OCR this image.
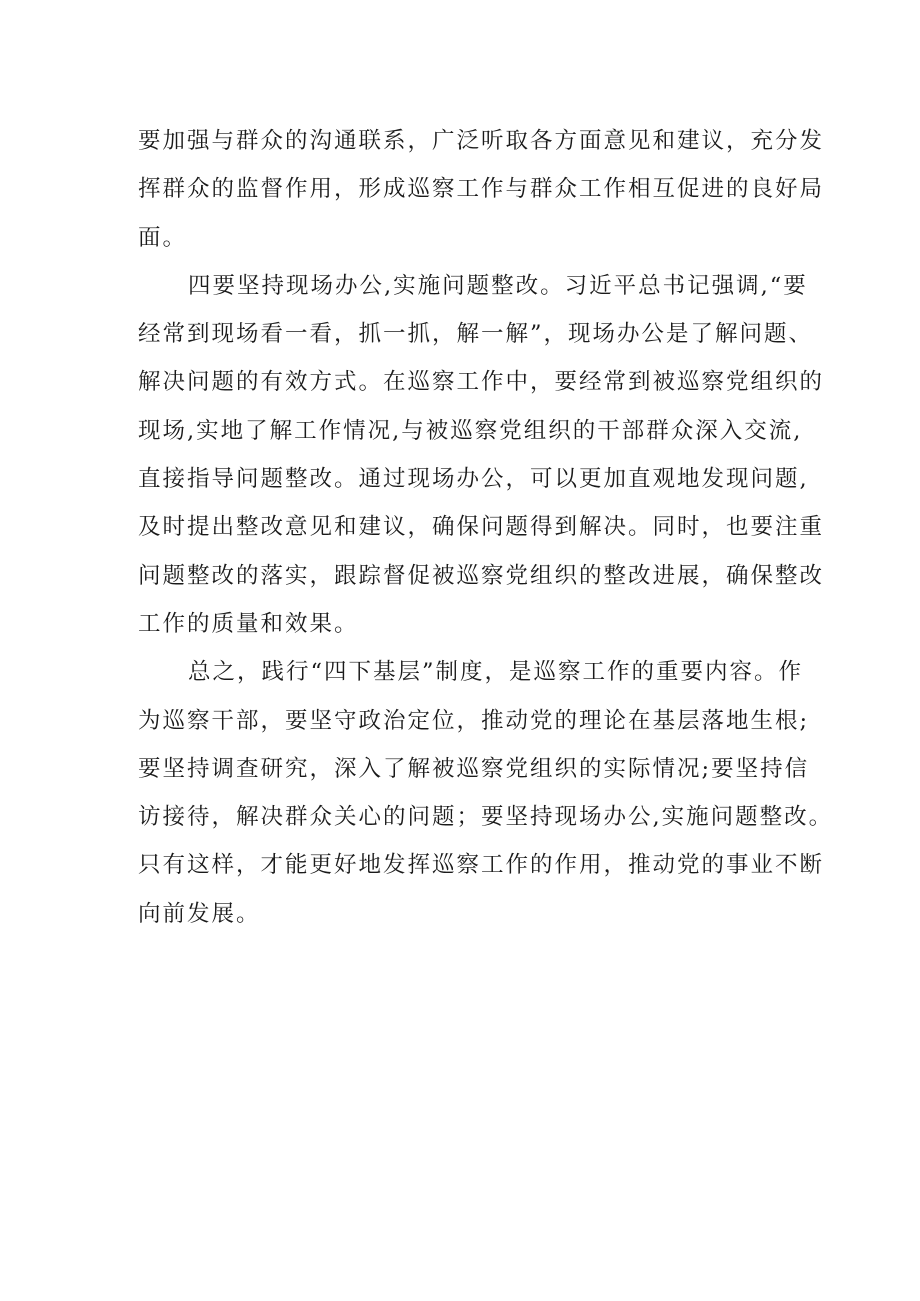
要加强与群众的沟通联系，广泛听取各方面意见和建议，充分发
挥群众的监督作用，形成巡察工作与群众工作相互促进的良好局
面。
四要坚持现场办公,实施问题整改。习近平总书记强调,“要
经常到现场看一看，抓一抓，解一解”，现场办公是了解问题、
解决问题的有效方式。在巡察工作中，要经常到被巡察党组织的
现场,实地了解工作情况,与被巡察党组织的干部群众深入交流,
直接指导问题整改。通过现场办公，可以更加直观地发现问题,
及时提出整改意见和建议，确保问题得到解决。同时，也要注重
问题整改的落实，跟踪督促被巡察党组织的整改进展，确保整改
工作的质量和效果。
总之，践行“四下基层”制度，是巡察工作的重要内容。作
为巡察干部，要坚守政治定位，推动党的理论在基层落地生根;
要坚持调查研究，深入了解被巡察党组织的实际情况;要坚持信
访接待，解决群众关心的问题；要坚持现场办公,实施问题整改。
只有这样，才能更好地发挥巡察工作的作用，推动党的事业不断
向前发展。
